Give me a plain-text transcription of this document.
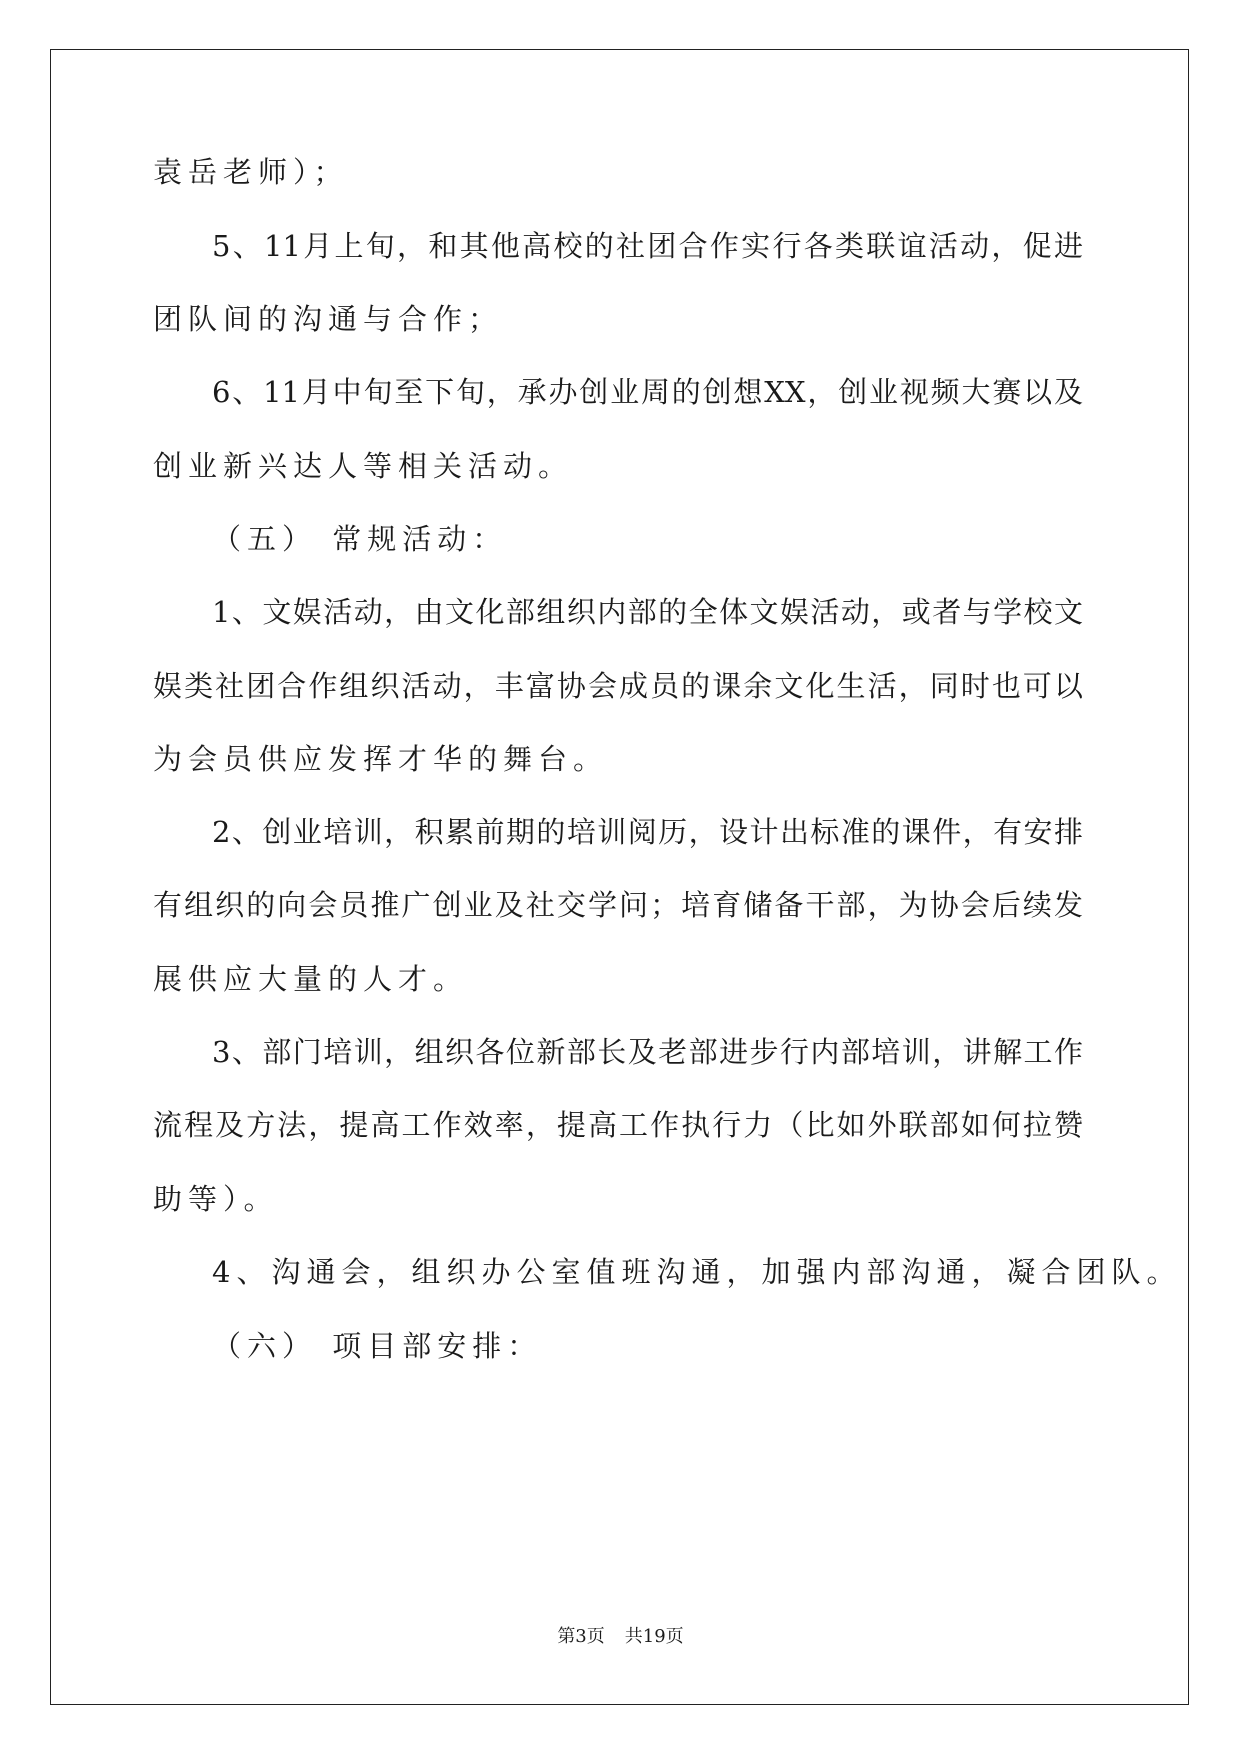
袁岳老师）；
5、11月上旬，和其他高校的社团合作实行各类联谊活动，促进
团队间的沟通与合作；
6、11月中旬至下旬，承办创业周的创想XX，创业视频大赛以及
创业新兴达人等相关活动。
（五） 常规活动：
1、文娱活动，由文化部组织内部的全体文娱活动，或者与学校文
娱类社团合作组织活动，丰富协会成员的课余文化生活，同时也可以
为会员供应发挥才华的舞台。
2、创业培训，积累前期的培训阅历，设计出标准的课件，有安排
有组织的向会员推广创业及社交学问；培育储备干部，为协会后续发
展供应大量的人才。
3、部门培训，组织各位新部长及老部进步行内部培训，讲解工作
流程及方法，提高工作效率，提高工作执行力（比如外联部如何拉赞
助等）。
4、沟通会，组织办公室值班沟通，加强内部沟通，凝合团队。
（六） 项目部安排：
第3页 共19页
